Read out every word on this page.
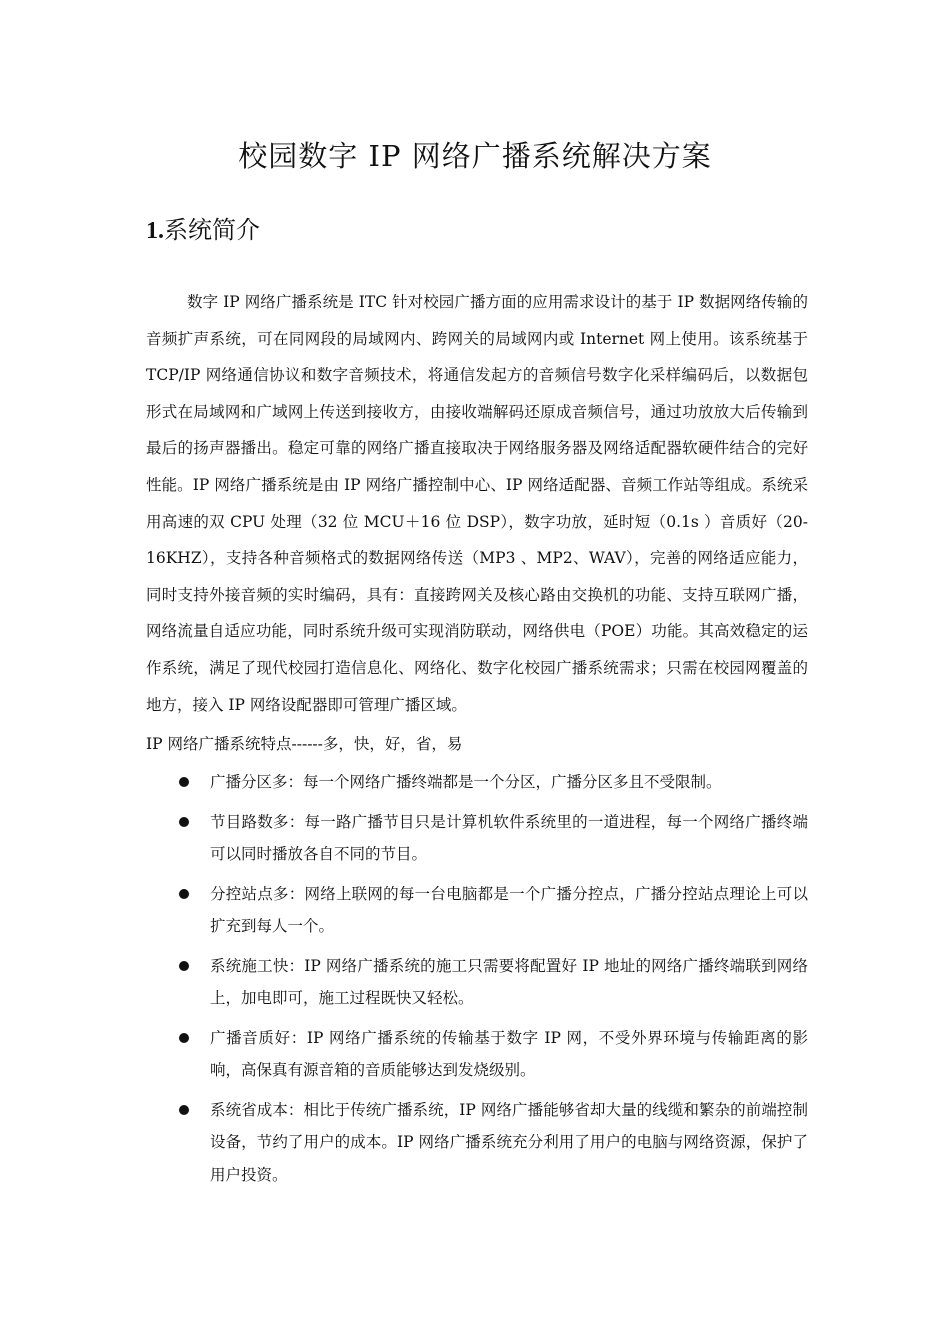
校园数字 IP 网络广播系统解决方案
1.系统简介

数字 IP 网络广播系统是 ITC 针对校园广播方面的应用需求设计的基于 IP 数据网络传输的音频扩声系统，可在同网段的局域网内、跨网关的局域网内或 Internet 网上使用。该系统基于 TCP/IP 网络通信协议和数字音频技术，将通信发起方的音频信号数字化采样编码后，以数据包形式在局域网和广域网上传送到接收方，由接收端解码还原成音频信号，通过功放放大后传输到最后的扬声器播出。稳定可靠的网络广播直接取决于网络服务器及网络适配器软硬件结合的完好性能。IP 网络广播系统是由 IP 网络广播控制中心、IP 网络适配器、音频工作站等组成。系统采用高速的双 CPU 处理（32 位 MCU＋16 位 DSP），数字功放，延时短（0.1s ）音质好（20-16KHZ），支持各种音频格式的数据网络传送（MP3 、MP2、WAV），完善的网络适应能力，同时支持外接音频的实时编码，具有：直接跨网关及核心路由交换机的功能、支持互联网广播，网络流量自适应功能，同时系统升级可实现消防联动，网络供电（POE）功能。其高效稳定的运作系统，满足了现代校园打造信息化、网络化、数字化校园广播系统需求；只需在校园网覆盖的地方，接入 IP 网络设配器即可管理广播区域。

IP 网络广播系统特点------多，快，好，省，易

广播分区多：每一个网络广播终端都是一个分区，广播分区多且不受限制。
节目路数多：每一路广播节目只是计算机软件系统里的一道进程，每一个网络广播终端可以同时播放各自不同的节目。
分控站点多：网络上联网的每一台电脑都是一个广播分控点，广播分控站点理论上可以扩充到每人一个。
系统施工快：IP 网络广播系统的施工只需要将配置好 IP 地址的网络广播终端联到网络上，加电即可，施工过程既快又轻松。
广播音质好：IP 网络广播系统的传输基于数字 IP 网，不受外界环境与传输距离的影响，高保真有源音箱的音质能够达到发烧级别。
系统省成本：相比于传统广播系统，IP 网络广播能够省却大量的线缆和繁杂的前端控制设备，节约了用户的成本。IP 网络广播系统充分利用了用户的电脑与网络资源，保护了用户投资。
